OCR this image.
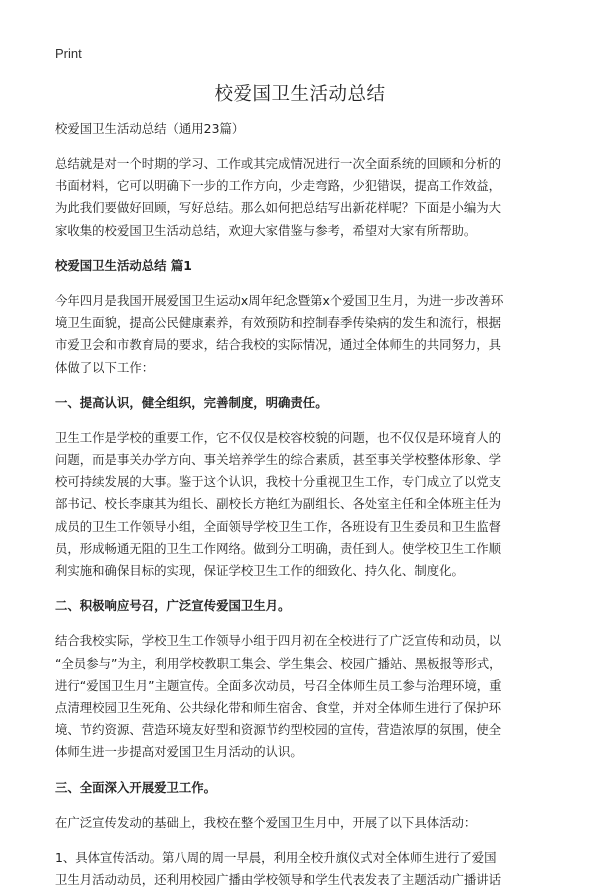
Print
校爱国卫生活动总结
校爱国卫生活动总结（通用23篇）
总结就是对一个时期的学习、工作或其完成情况进行一次全面系统的回顾和分析的
书面材料，它可以明确下一步的工作方向，少走弯路，少犯错误，提高工作效益，
为此我们要做好回顾，写好总结。那么如何把总结写出新花样呢？下面是小编为大
家收集的校爱国卫生活动总结，欢迎大家借鉴与参考，希望对大家有所帮助。
校爱国卫生活动总结 篇1
今年四月是我国开展爱国卫生运动x周年纪念暨第x个爱国卫生月，为进一步改善环
境卫生面貌，提高公民健康素养，有效预防和控制春季传染病的发生和流行，根据
市爱卫会和市教育局的要求，结合我校的实际情况，通过全体师生的共同努力，具
体做了以下工作：
一、提高认识，健全组织，完善制度，明确责任。
卫生工作是学校的重要工作，它不仅仅是校容校貌的问题，也不仅仅是环境育人的
问题，而是事关办学方向、事关培养学生的综合素质，甚至事关学校整体形象、学
校可持续发展的大事。鉴于这个认识，我校十分重视卫生工作，专门成立了以党支
部书记、校长李康其为组长、副校长方艳红为副组长、各处室主任和全体班主任为
成员的卫生工作领导小组，全面领导学校卫生工作，各班设有卫生委员和卫生监督
员，形成畅通无阻的卫生工作网络。做到分工明确，责任到人。使学校卫生工作顺
利实施和确保目标的实现，保证学校卫生工作的细致化、持久化、制度化。
二、积极响应号召，广泛宣传爱国卫生月。
结合我校实际，学校卫生工作领导小组于四月初在全校进行了广泛宣传和动员，以
“全员参与”为主，利用学校教职工集会、学生集会、校园广播站、黑板报等形式，
进行“爱国卫生月”主题宣传。全面多次动员，号召全体师生员工参与治理环境，重
点清理校园卫生死角、公共绿化带和师生宿舍、食堂，并对全体师生进行了保护环
境、节约资源、营造环境友好型和资源节约型校园的宣传，营造浓厚的氛围，使全
体师生进一步提高对爱国卫生月活动的认识。
三、全面深入开展爱卫工作。
在广泛宣传发动的基础上，我校在整个爱国卫生月中，开展了以下具体活动：
1、具体宣传活动。第八周的周一早晨，利用全校升旗仪式对全体师生进行了爱国
卫生月活动动员，还利用校园广播由学校领导和学生代表发表了主题活动广播讲话
